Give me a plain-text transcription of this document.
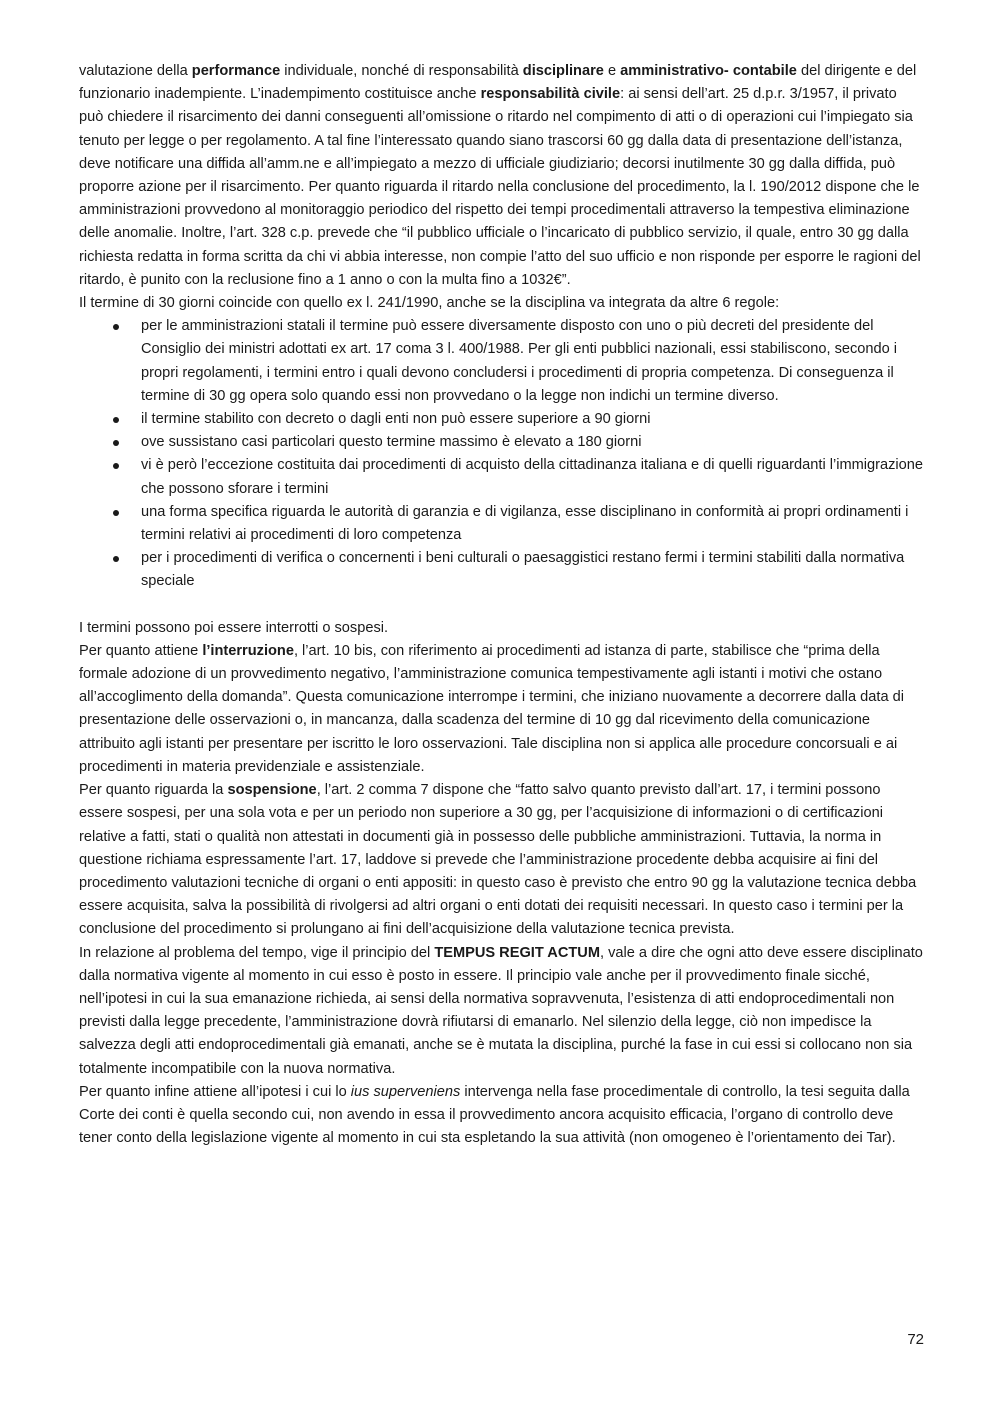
valutazione della performance individuale, nonché di responsabilità disciplinare e amministrativo- contabile del dirigente e del funzionario inadempiente. L’inadempimento costituisce anche responsabilità civile: ai sensi dell’art. 25 d.p.r. 3/1957, il privato può chiedere il risarcimento dei danni conseguenti all’omissione o ritardo nel compimento di atti o di operazioni cui l’impiegato sia tenuto per legge o per regolamento. A tal fine l’interessato quando siano trascorsi 60 gg dalla data di presentazione dell’istanza, deve notificare una diffida all’amm.ne e all’impiegato a mezzo di ufficiale giudiziario; decorsi inutilmente 30 gg dalla diffida, può proporre azione per il risarcimento. Per quanto riguarda il ritardo nella conclusione del procedimento, la l. 190/2012 dispone che le amministrazioni provvedono al monitoraggio periodico del rispetto dei tempi procedimentali attraverso la tempestiva eliminazione delle anomalie. Inoltre, l’art. 328 c.p. prevede che “il pubblico ufficiale o l’incaricato di pubblico servizio, il quale, entro 30 gg dalla richiesta redatta in forma scritta da chi vi abbia interesse, non compie l’atto del suo ufficio e non risponde per esporre le ragioni del ritardo, è punito con la reclusione fino a 1 anno o con la multa fino a 1032€”.

Il termine di 30 giorni coincide con quello ex l. 241/1990, anche se la disciplina va integrata da altre 6 regole:

per le amministrazioni statali il termine può essere diversamente disposto con uno o più decreti del presidente del Consiglio dei ministri adottati ex art. 17 coma 3 l. 400/1988. Per gli enti pubblici nazionali, essi stabiliscono, secondo i propri regolamenti, i termini entro i quali devono concludersi i procedimenti di propria competenza. Di conseguenza il termine di 30 gg opera solo quando essi non provvedano o la legge non indichi un termine diverso.
il termine stabilito con decreto o dagli enti non può essere superiore a 90 giorni
ove sussistano casi particolari questo termine massimo è elevato a 180 giorni
vi è però l’eccezione costituita dai procedimenti di acquisto della cittadinanza italiana e di quelli riguardanti l’immigrazione che possono sforare i termini
una forma specifica riguarda le autorità di garanzia e di vigilanza, esse disciplinano in conformità ai propri ordinamenti i termini relativi ai procedimenti di loro competenza
per i procedimenti di verifica o concernenti i beni culturali o paesaggistici restano fermi i termini stabiliti dalla normativa speciale

I termini possono poi essere interrotti o sospesi.

Per quanto attiene l’interruzione, l’art. 10 bis, con riferimento ai procedimenti ad istanza di parte, stabilisce che “prima della formale adozione di un provvedimento negativo, l’amministrazione comunica tempestivamente agli istanti i motivi che ostano all’accoglimento della domanda”. Questa comunicazione interrompe i termini, che iniziano nuovamente a decorrere dalla data di presentazione delle osservazioni o, in mancanza, dalla scadenza del termine di 10 gg dal ricevimento della comunicazione attribuito agli istanti per presentare per iscritto le loro osservazioni. Tale disciplina non si applica alle procedure concorsuali e ai procedimenti in materia previdenziale e assistenziale.

Per quanto riguarda la sospensione, l’art. 2 comma 7 dispone che “fatto salvo quanto previsto dall’art. 17, i termini possono essere sospesi, per una sola vota e per un periodo non superiore a 30 gg, per l’acquisizione di informazioni o di certificazioni relative a fatti, stati o qualità non attestati in documenti già in possesso delle pubbliche amministrazioni. Tuttavia, la norma in questione richiama espressamente l’art. 17, laddove si prevede che l’amministrazione procedente debba acquisire ai fini del procedimento valutazioni tecniche di organi o enti appositi: in questo caso è previsto che entro 90 gg la valutazione tecnica debba essere acquisita, salva la possibilità di rivolgersi ad altri organi o enti dotati dei requisiti necessari. In questo caso i termini per la conclusione del procedimento si prolungano ai fini dell’acquisizione della valutazione tecnica prevista.

In relazione al problema del tempo, vige il principio del TEMPUS REGIT ACTUM, vale a dire che ogni atto deve essere disciplinato dalla normativa vigente al momento in cui esso è posto in essere. Il principio vale anche per il provvedimento finale sicché, nell’ipotesi in cui la sua emanazione richieda, ai sensi della normativa sopravvenuta, l’esistenza di atti endoprocedimentali non previsti dalla legge precedente, l’amministrazione dovrà rifiutarsi di emanarlo. Nel silenzio della legge, ciò non impedisce la salvezza degli atti endoprocedimentali già emanati, anche se è mutata la disciplina, purché la fase in cui essi si collocano non sia totalmente incompatibile con la nuova normativa.

Per quanto infine attiene all’ipotesi i cui lo ius superveniens intervenga nella fase procedimentale di controllo, la tesi seguita dalla Corte dei conti è quella secondo cui, non avendo in essa il provvedimento ancora acquisito efficacia, l’organo di controllo deve tener conto della legislazione vigente al momento in cui sta espletando la sua attività (non omogeneo è l’orientamento dei Tar).

72
